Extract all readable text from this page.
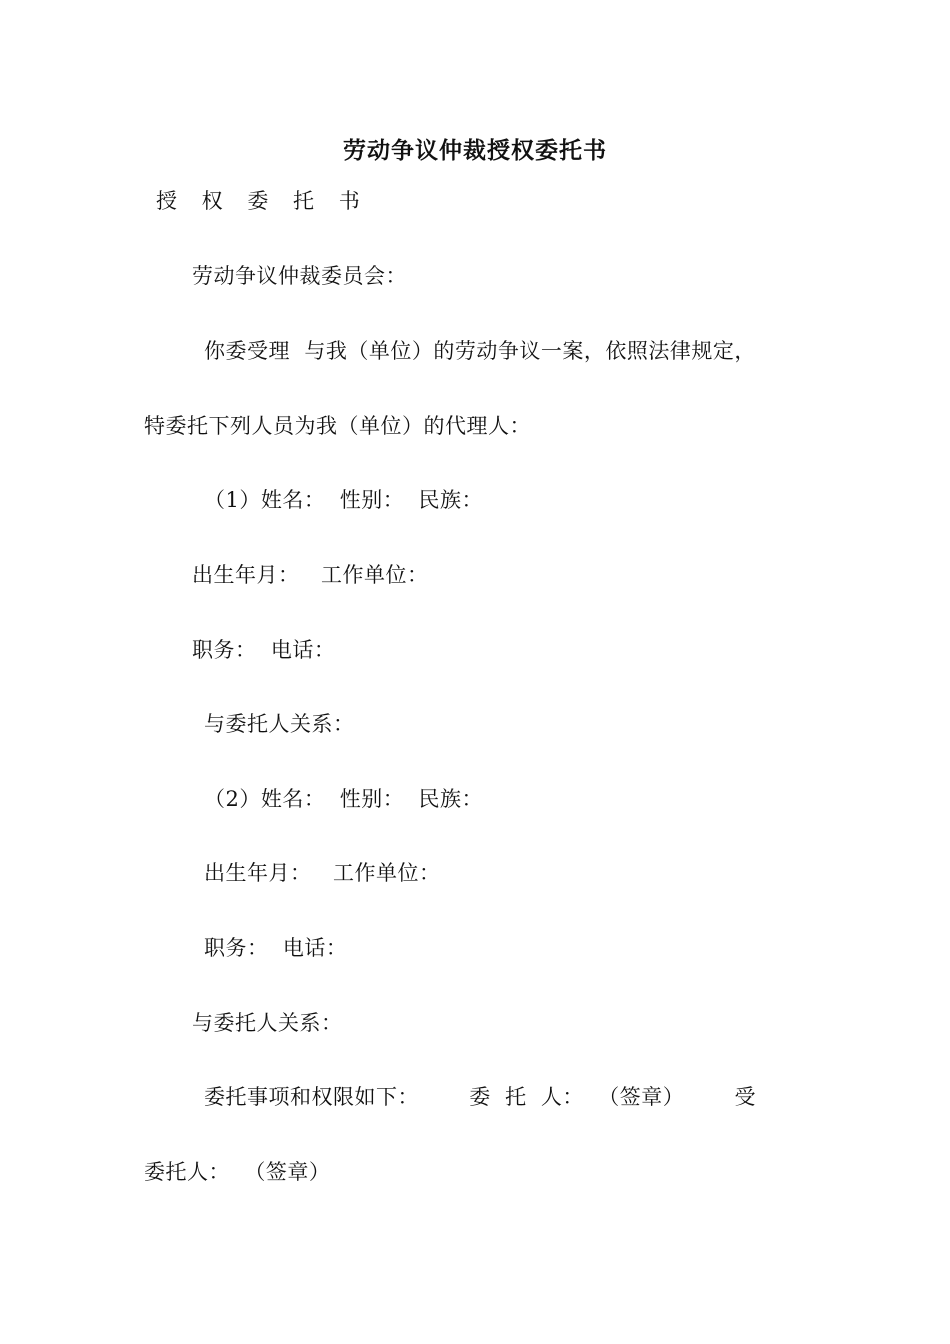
劳动争议仲裁授权委托书
授 权 委 托 书
劳动争议仲裁委员会：
你委受理  与我（单位）的劳动争议一案，依照法律规定，
特委托下列人员为我（单位）的代理人：
（1）姓名：  性别：  民族：
出生年月：   工作单位：
职务：  电话：
与委托人关系：
（2）姓名：  性别：  民族：
出生年月：   工作单位：
职务：  电话：
与委托人关系：
委托事项和权限如下：       委  托  人：  （签章）       受
委托人：  （签章）
